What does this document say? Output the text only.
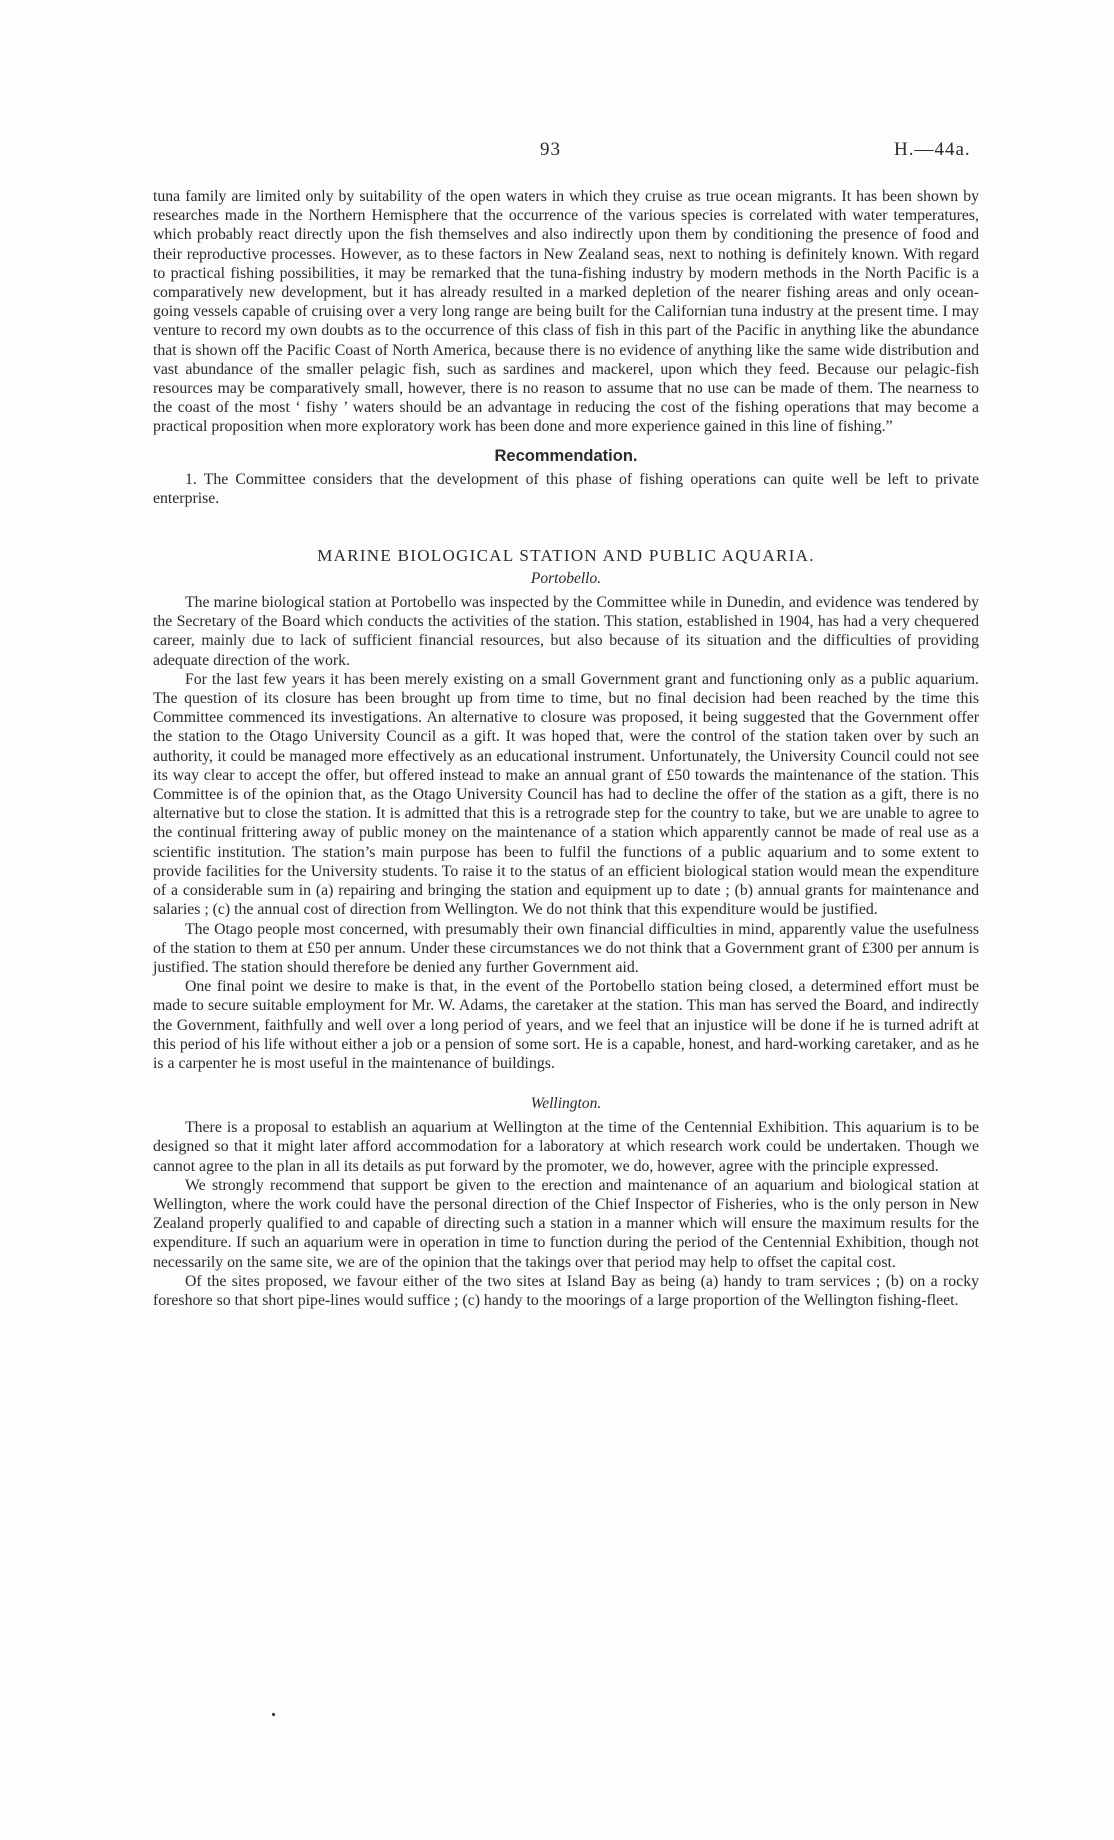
93	H.—44a.

tuna family are limited only by suitability of the open waters in which they cruise as true ocean migrants. It has been shown by researches made in the Northern Hemisphere that the occurrence of the various species is correlated with water temperatures, which probably react directly upon the fish themselves and also indirectly upon them by conditioning the presence of food and their reproductive processes. However, as to these factors in New Zealand seas, next to nothing is definitely known. With regard to practical fishing possibilities, it may be remarked that the tuna-fishing industry by modern methods in the North Pacific is a comparatively new development, but it has already resulted in a marked depletion of the nearer fishing areas and only ocean-going vessels capable of cruising over a very long range are being built for the Californian tuna industry at the present time. I may venture to record my own doubts as to the occurrence of this class of fish in this part of the Pacific in anything like the abundance that is shown off the Pacific Coast of North America, because there is no evidence of anything like the same wide distribution and vast abundance of the smaller pelagic fish, such as sardines and mackerel, upon which they feed. Because our pelagic-fish resources may be comparatively small, however, there is no reason to assume that no use can be made of them. The nearness to the coast of the most ‘ fishy ’ waters should be an advantage in reducing the cost of the fishing operations that may become a practical proposition when more exploratory work has been done and more experience gained in this line of fishing.”

Recommendation.

1. The Committee considers that the development of this phase of fishing operations can quite well be left to private enterprise.

MARINE BIOLOGICAL STATION AND PUBLIC AQUARIA.
Portobello.

The marine biological station at Portobello was inspected by the Committee while in Dunedin, and evidence was tendered by the Secretary of the Board which conducts the activities of the station. This station, established in 1904, has had a very chequered career, mainly due to lack of sufficient financial resources, but also because of its situation and the difficulties of providing adequate direction of the work.

For the last few years it has been merely existing on a small Government grant and functioning only as a public aquarium. The question of its closure has been brought up from time to time, but no final decision had been reached by the time this Committee commenced its investigations. An alternative to closure was proposed, it being suggested that the Government offer the station to the Otago University Council as a gift. It was hoped that, were the control of the station taken over by such an authority, it could be managed more effectively as an educational instrument. Unfortunately, the University Council could not see its way clear to accept the offer, but offered instead to make an annual grant of £50 towards the maintenance of the station. This Committee is of the opinion that, as the Otago University Council has had to decline the offer of the station as a gift, there is no alternative but to close the station. It is admitted that this is a retrograde step for the country to take, but we are unable to agree to the continual frittering away of public money on the maintenance of a station which apparently cannot be made of real use as a scientific institution. The station’s main purpose has been to fulfil the functions of a public aquarium and to some extent to provide facilities for the University students. To raise it to the status of an efficient biological station would mean the expenditure of a considerable sum in (a) repairing and bringing the station and equipment up to date ; (b) annual grants for maintenance and salaries ; (c) the annual cost of direction from Wellington. We do not think that this expenditure would be justified.

The Otago people most concerned, with presumably their own financial difficulties in mind, apparently value the usefulness of the station to them at £50 per annum. Under these circumstances we do not think that a Government grant of £300 per annum is justified. The station should therefore be denied any further Government aid.

One final point we desire to make is that, in the event of the Portobello station being closed, a determined effort must be made to secure suitable employment for Mr. W. Adams, the caretaker at the station. This man has served the Board, and indirectly the Government, faithfully and well over a long period of years, and we feel that an injustice will be done if he is turned adrift at this period of his life without either a job or a pension of some sort. He is a capable, honest, and hard-working caretaker, and as he is a carpenter he is most useful in the maintenance of buildings.

Wellington.

There is a proposal to establish an aquarium at Wellington at the time of the Centennial Exhibition. This aquarium is to be designed so that it might later afford accommodation for a laboratory at which research work could be undertaken. Though we cannot agree to the plan in all its details as put forward by the promoter, we do, however, agree with the principle expressed.

We strongly recommend that support be given to the erection and maintenance of an aquarium and biological station at Wellington, where the work could have the personal direction of the Chief Inspector of Fisheries, who is the only person in New Zealand properly qualified to and capable of directing such a station in a manner which will ensure the maximum results for the expenditure. If such an aquarium were in operation in time to function during the period of the Centennial Exhibition, though not necessarily on the same site, we are of the opinion that the takings over that period may help to offset the capital cost.

Of the sites proposed, we favour either of the two sites at Island Bay as being (a) handy to tram services ; (b) on a rocky foreshore so that short pipe-lines would suffice ; (c) handy to the moorings of a large proportion of the Wellington fishing-fleet.
